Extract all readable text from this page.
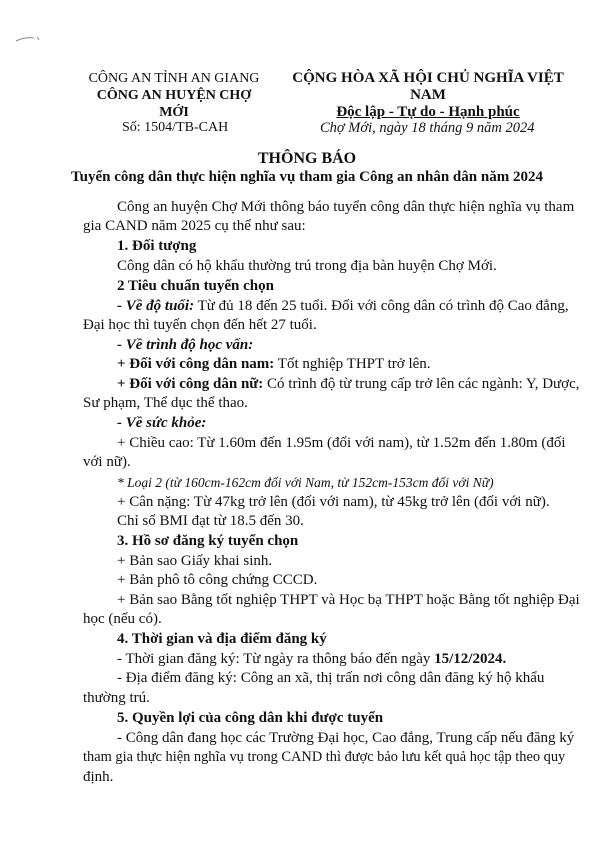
CÔNG AN TỈNH AN GIANG
CÔNG AN HUYỆN CHỢ MỚI
CỘNG HÒA XÃ HỘI CHỦ NGHĨA VIỆT NAM
Độc lập - Tự do - Hạnh phúc
Số: 1504/TB-CAH	Chợ Mới, ngày 18 tháng 9 năm 2024
THÔNG BÁO
Tuyển công dân thực hiện nghĩa vụ tham gia Công an nhân dân năm 2024
Công an huyện Chợ Mới thông báo tuyển công dân thực hiện nghĩa vụ tham
gia CAND năm 2025 cụ thể như sau:
1. Đối tượng
Công dân có hộ khẩu thường trú trong địa bàn huyện Chợ Mới.
2 Tiêu chuẩn tuyển chọn
- Về độ tuổi: Từ đủ 18 đến 25 tuổi. Đối với công dân có trình độ Cao đẳng,
Đại học thì tuyển chọn đến hết 27 tuổi.
- Về trình độ học vấn:
+ Đối với công dân nam: Tốt nghiệp THPT trở lên.
+ Đối với công dân nữ: Có trình độ từ trung cấp trở lên các ngành: Y, Dược,
Sư phạm, Thể dục thể thao.
- Về sức khỏe:
+ Chiều cao: Từ 1.60m đến 1.95m (đối với nam), từ 1.52m đến 1.80m (đối
với nữ).
* Loại 2 (từ 160cm-162cm đối với Nam, từ 152cm-153cm đối với Nữ)
+ Cân nặng: Từ 47kg trở lên (đối với nam), từ 45kg trở lên (đối với nữ).
Chỉ số BMI đạt từ 18.5 đến 30.
3. Hồ sơ đăng ký tuyển chọn
+ Bản sao Giấy khai sinh.
+ Bản phô tô công chứng CCCD.
+ Bản sao Bằng tốt nghiệp THPT và Học bạ THPT hoặc Bằng tốt nghiệp Đại
học (nếu có).
4. Thời gian và địa điểm đăng ký
- Thời gian đăng ký: Từ ngày ra thông báo đến ngày 15/12/2024.
- Địa điểm đăng ký: Công an xã, thị trấn nơi công dân đăng ký hộ khẩu
thường trú.
5. Quyền lợi của công dân khi được tuyển
- Công dân đang học các Trường Đại học, Cao đẳng, Trung cấp nếu đăng ký
tham gia thực hiện nghĩa vụ trong CAND thì được bảo lưu kết quả học tập theo quy
định.
